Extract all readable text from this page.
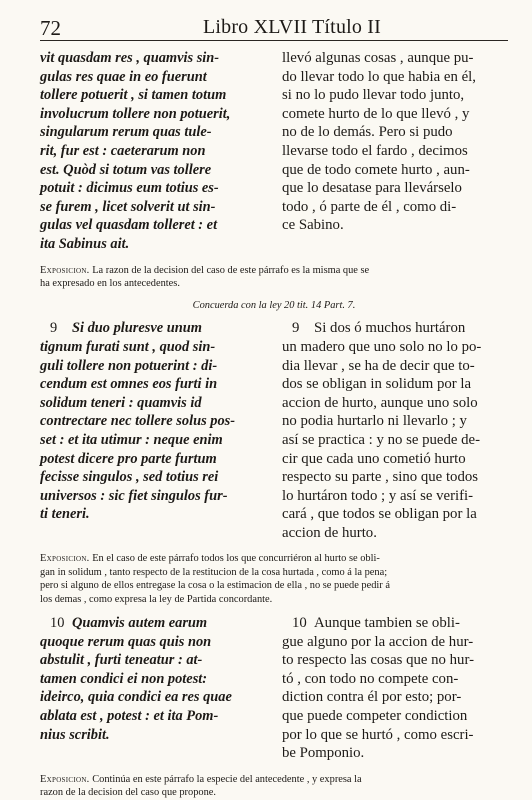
72	Libro XLVII Título II
vit quasdam res , quamvis sin-
gulas res quae in eo fuerunt
tollere potuerit , si tamen totum
involucrum tollere non potuerit,
singularum rerum quas tule-
rit, fur est : caeterarum non
est. Quòd si totum vas tollere
potuit : dicimus eum totius es-
se furem , licet solverit ut sin-
gulas vel quasdam tolleret : et
ita Sabinus ait.
llevó algunas cosas , aunque pu-
do llevar todo lo que habia en él,
si no lo pudo llevar todo junto,
comete hurto de lo que llevó , y
no de lo demás. Pero si pudo
llevarse todo el fardo , decimos
que de todo comete hurto , aun-
que lo desatase para llevárselo
todo , ó parte de él , como di-
ce Sabino.
Exposicion. La razon de la decision del caso de este párrafo es la misma que se
ha expresado en los antecedentes.
Concuerda con la ley 20 tit. 14 Part. 7.
9 Si duo pluresve unum
tignum furati sunt , quod sin-
guli tollere non potuerint : di-
cendum est omnes eos furti in
solidum teneri : quamvis id
contrectare nec tollere solus pos-
set : et ita utimur : neque enim
potest dicere pro parte furtum
fecisse singulos , sed totius rei
universos : sic fiet singulos fur-
ti teneri.
9 Si dos ó muchos hurtáron
un madero que uno solo no lo po-
dia llevar , se ha de decir que to-
dos se obligan in solidum por la
accion de hurto, aunque uno solo
no podia hurtarlo ni llevarlo ; y
así se practica : y no se puede de-
cir que cada uno cometió hurto
respecto su parte , sino que todos
lo hurtáron todo ; y así se verifi-
cará , que todos se obligan por la
accion de hurto.
Exposicion. En el caso de este párrafo todos los que concurriéron al hurto se obli-
gan in solidum , tanto respecto de la restitucion de la cosa hurtada , como á la pena;
pero si alguno de ellos entregase la cosa o la estimacion de ella , no se puede pedir á
los demas , como expresa la ley de Partida concordante.
10 Quamvis autem earum
quoque rerum quas quis non
abstulit , furti teneatur : at-
tamen condici ei non potest:
ideirco, quia condici ea res quae
ablata est , potest : et ita Pom-
nius scribit.
10 Aunque tambien se obli-
gue alguno por la accion de hur-
to respecto las cosas que no hur-
tó , con todo no compete con-
diction contra él por esto; por-
que puede competer condiction
por lo que se hurtó , como escri-
be Pomponio.
Exposicion. Continúa en este párrafo la especie del antecedente , y expresa la
razon de la decision del caso que propone.
